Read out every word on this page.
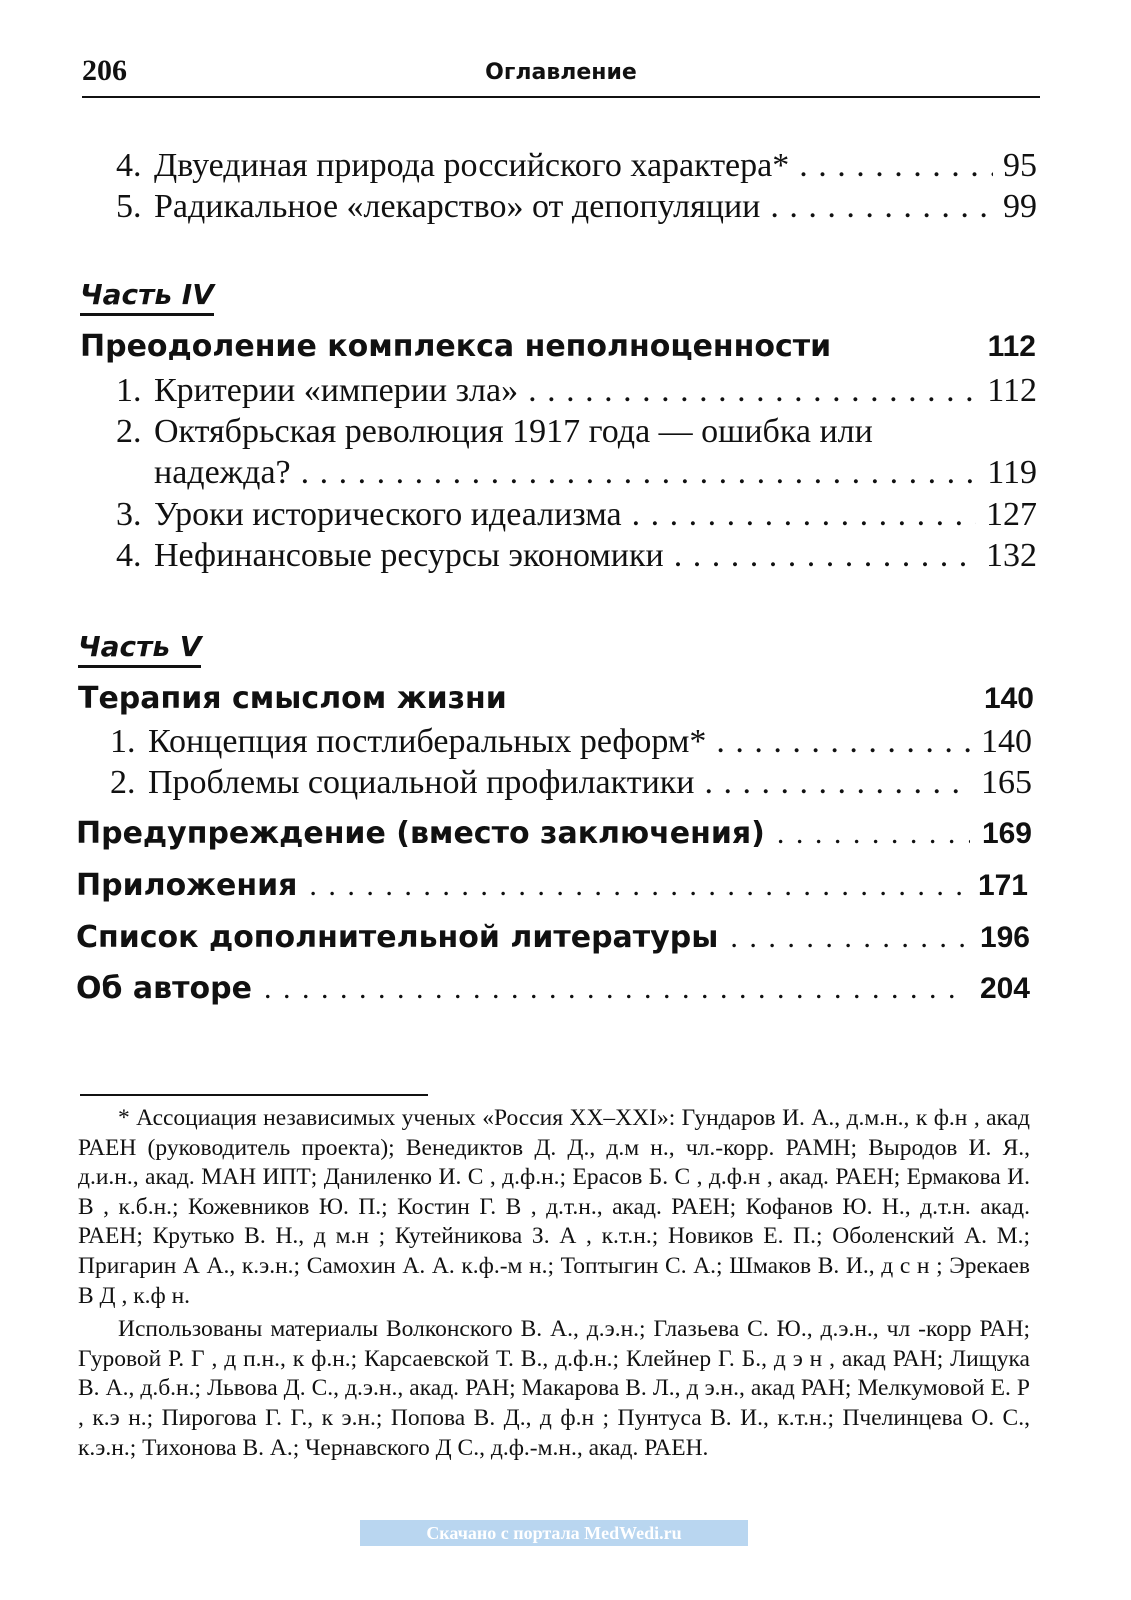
206	Оглавление
4. Двуединая природа российского характера* . . .	95
5. Радикальное «лекарство» от депопуляции . . .	99
Часть IV
Преодоление комплекса неполноценности	112
1. Критерии «империи зла» . . .	112
2. Октябрьская революция 1917 года — ошибка или
надежда? . . .	119
3. Уроки исторического идеализма . . .	127
4. Нефинансовые ресурсы экономики . . .	132
Часть V
Терапия смыслом жизни	140
1. Концепция постлиберальных реформ* . . .	140
2. Проблемы социальной профилактики . . .	165
Предупреждение (вместо заключения) . . .	169
Приложения . . .	171
Список дополнительной литературы . . .	196
Об авторе . . .	204

* Ассоциация независимых ученых «Россия XX–XXI»: Гундаров И. А., д.м.н., к ф.н , акад РАЕН (руководитель проекта); Венедиктов Д. Д., д.м н., чл.-корр. РАМН; Выродов И. Я., д.и.н., акад. МАН ИПТ; Даниленко И. С , д.ф.н.; Ерасов Б. С , д.ф.н , акад. РАЕН; Ермакова И. В , к.б.н.; Кожевников Ю. П.; Костин Г. В , д.т.н., акад. РАЕН; Кофанов Ю. Н., д.т.н. акад. РАЕН; Крутько В. Н., д м.н ; Кутейникова З. А , к.т.н.; Новиков Е. П.; Оболенский А. М.; Пригарин А А., к.э.н.; Самохин А. А. к.ф.-м н.; Топтыгин С. А.; Шмаков В. И., д с н ; Эрекаев В Д , к.ф н.

Использованы материалы Волконского В. А., д.э.н.; Глазьева С. Ю., д.э.н., чл -корр РАН; Гуровой Р. Г , д п.н., к ф.н.; Карсаевской Т. В., д.ф.н.; Клейнер Г. Б., д э н , акад РАН; Лищука В. А., д.б.н.; Львова Д. С., д.э.н., акад. РАН; Макарова В. Л., д э.н., акад РАН; Мелкумовой Е. Р , к.э н.; Пирогова Г. Г., к э.н.; Попова В. Д., д ф.н ; Пунтуса В. И., к.т.н.; Пчелинцева О. С., к.э.н.; Тихонова В. А.; Чернавского Д С., д.ф.-м.н., акад. РАЕН.

Скачано с портала MedWedi.ru
